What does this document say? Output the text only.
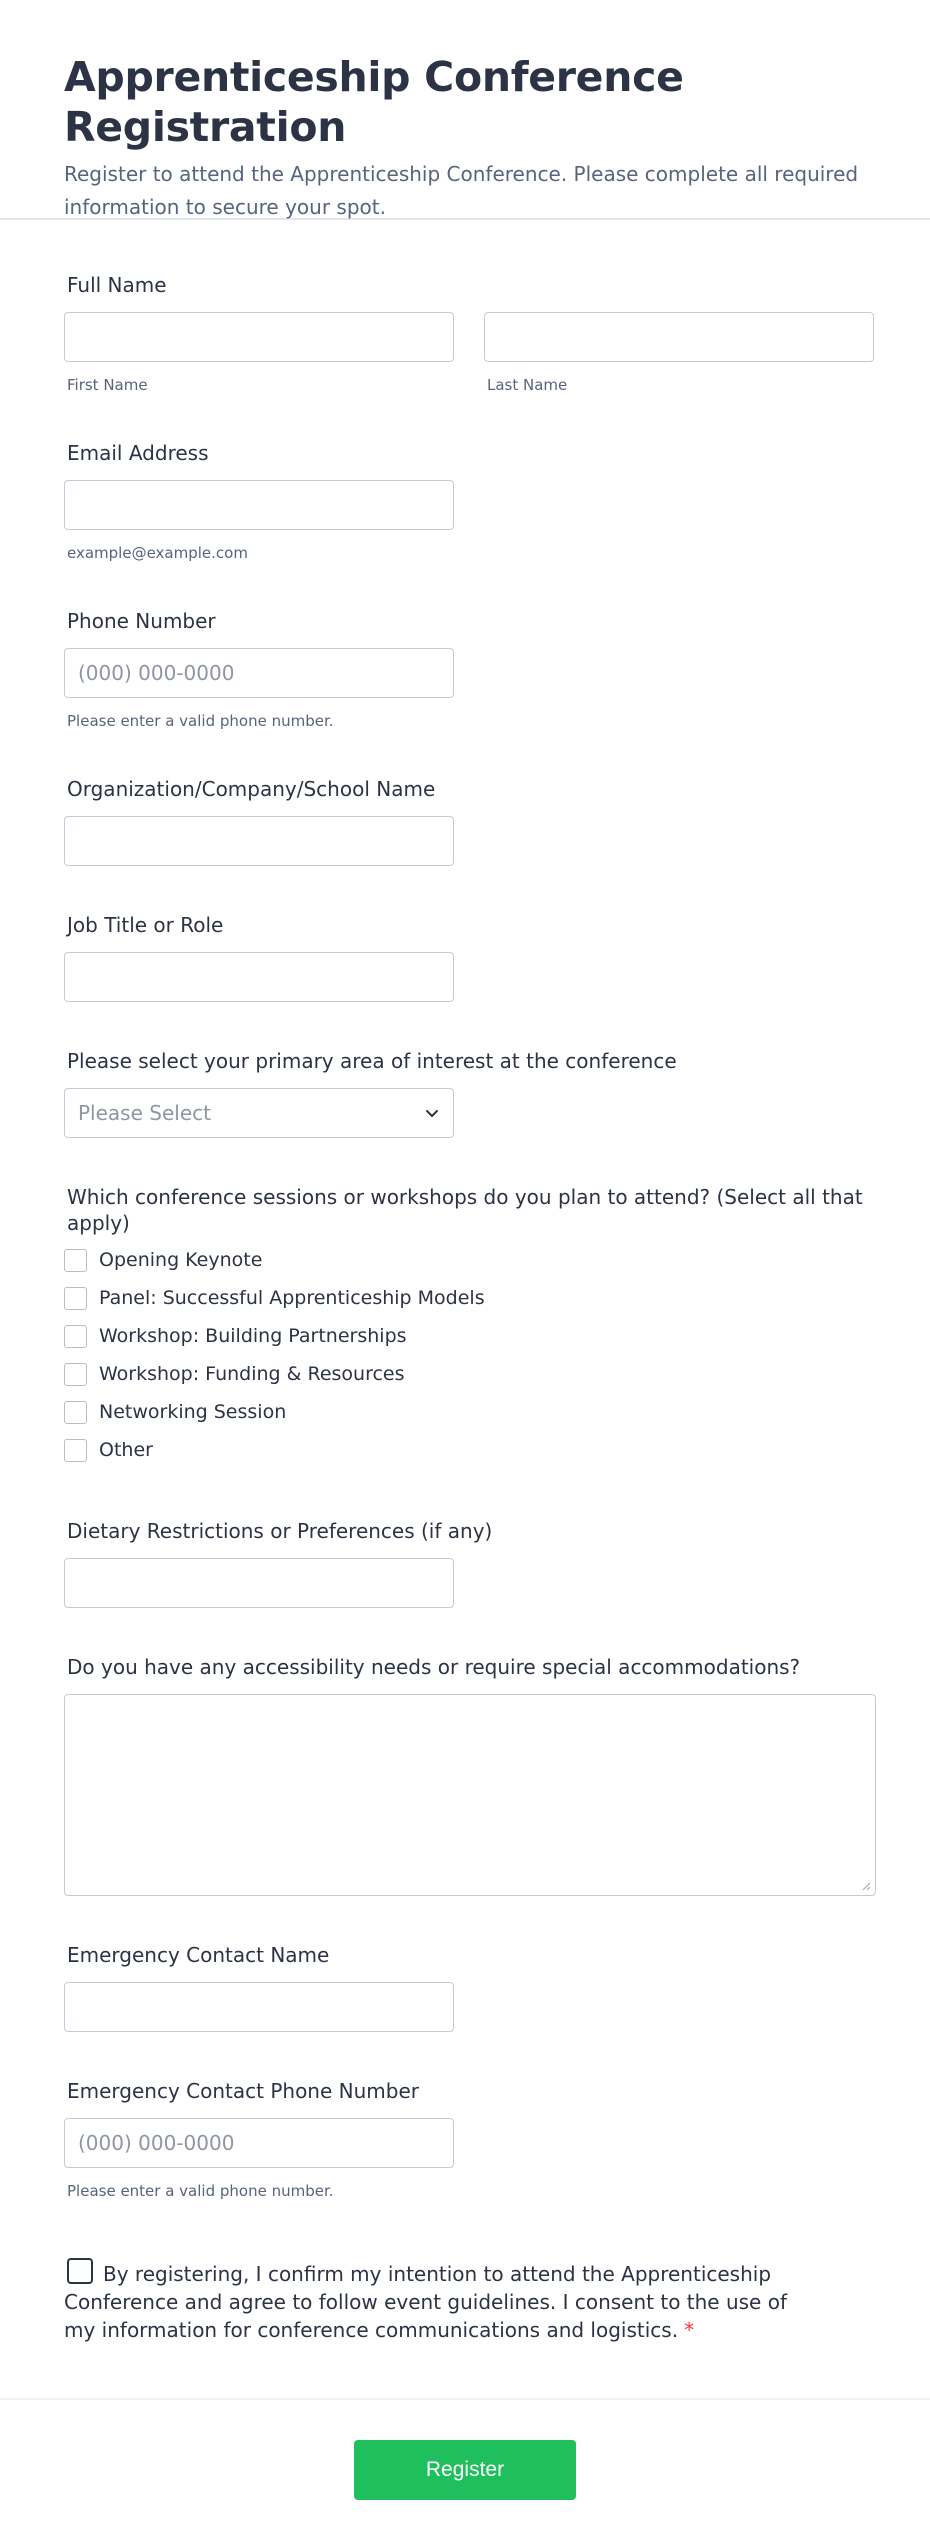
Apprenticeship Conference Registration

Register to attend the Apprenticeship Conference. Please complete all required information to secure your spot.

Full Name
First Name	Last Name
Email Address
example@example.com
Phone Number
(000) 000-0000
Please enter a valid phone number.
Organization/Company/School Name
Job Title or Role
Please select your primary area of interest at the conference
Please Select
Which conference sessions or workshops do you plan to attend? (Select all that apply)
Opening Keynote
Panel: Successful Apprenticeship Models
Workshop: Building Partnerships
Workshop: Funding & Resources
Networking Session
Other
Dietary Restrictions or Preferences (if any)
Do you have any accessibility needs or require special accommodations?
Emergency Contact Name
Emergency Contact Phone Number
(000) 000-0000
Please enter a valid phone number.
By registering, I confirm my intention to attend the Apprenticeship Conference and agree to follow event guidelines. I consent to the use of my information for conference communications and logistics. *
Register
